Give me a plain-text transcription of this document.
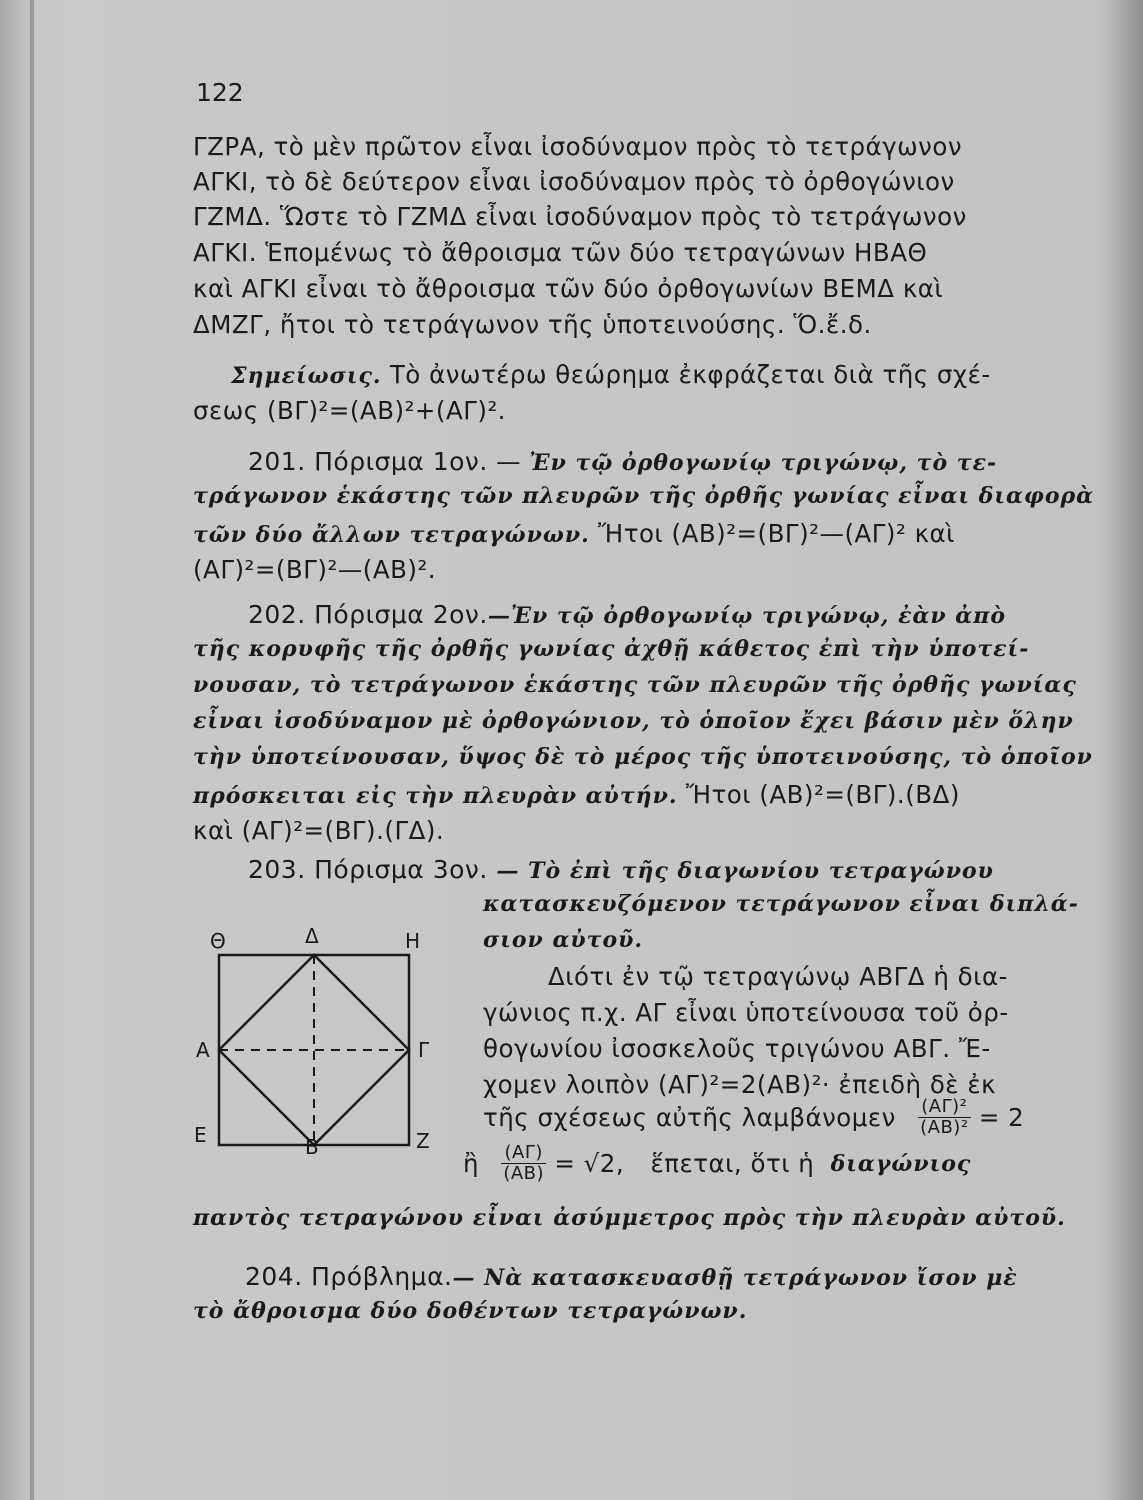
122
ΓΖΡΑ, τὸ μὲν πρῶτον εἶναι ἰσοδύναμον πρὸς τὸ τετράγωνον
ΑΓΚΙ, τὸ δὲ δεύτερον εἶναι ἰσοδύναμον πρὸς τὸ ὀρθογώνιον
ΓΖΜΔ. Ὥστε τὸ ΓΖΜΔ εἶναι ἰσοδύναμον πρὸς τὸ τετράγωνον
ΑΓΚΙ. Ἑπομένως τὸ ἄθροισμα τῶν δύο τετραγώνων ΗΒΑΘ
καὶ ΑΓΚΙ εἶναι τὸ ἄθροισμα τῶν δύο ὀρθογωνίων ΒΕΜΔ καὶ
ΔΜΖΓ, ἤτοι τὸ τετράγωνον τῆς ὑποτεινούσης. Ὅ.ἔ.δ.
Σημείωσις. Τὸ ἀνωτέρω θεώρημα ἐκφράζεται διὰ τῆς σχέ-
σεως (ΒΓ)²=(ΑΒ)²+(ΑΓ)².
201. Πόρισμα 1ον. — Ἐν τῷ ὀρθογωνίῳ τριγώνῳ, τὸ τε-
τράγωνον ἑκάστης τῶν πλευρῶν τῆς ὀρθῆς γωνίας εἶναι διαφορὰ
τῶν δύο ἄλλων τετραγώνων. Ἤτοι (ΑΒ)²=(ΒΓ)²—(ΑΓ)² καὶ
(ΑΓ)²=(ΒΓ)²—(ΑΒ)².
202. Πόρισμα 2ον.—Ἐν τῷ ὀρθογωνίῳ τριγώνῳ, ἐὰν ἀπὸ
τῆς κορυφῆς τῆς ὀρθῆς γωνίας ἀχθῇ κάθετος ἐπὶ τὴν ὑποτεί-
νουσαν, τὸ τετράγωνον ἑκάστης τῶν πλευρῶν τῆς ὀρθῆς γωνίας
εἶναι ἰσοδύναμον μὲ ὀρθογώνιον, τὸ ὁποῖον ἔχει βάσιν μὲν ὅλην
τὴν ὑποτείνουσαν, ὕψος δὲ τὸ μέρος τῆς ὑποτεινούσης, τὸ ὁποῖον
πρόσκειται εἰς τὴν πλευρὰν αὐτήν. Ἤτοι (ΑΒ)²=(ΒΓ).(ΒΔ)
καὶ (ΑΓ)²=(ΒΓ).(ΓΔ).
203. Πόρισμα 3ον. — Τὸ ἐπὶ τῆς διαγωνίου τετραγώνου
κατασκευζόμενον τετράγωνον εἶναι διπλά-
σιον αὐτοῦ.
Διότι ἐν τῷ τετραγώνῳ ΑΒΓΔ ἡ δια-
γώνιος π.χ. ΑΓ εἶναι ὑποτείνουσα τοῦ ὀρ-
θογωνίου ἰσοσκελοῦς τριγώνου ΑΒΓ. Ἔ-
χομεν λοιπὸν (ΑΓ)²=2(ΑΒ)²· ἐπειδὴ δὲ ἐκ
τῆς σχέσεως αὐτῆς λαμβάνομεν $\frac{\text{(ΑΓ)²}}{\text{(ΑΒ)²}} = 2$
ἢ $\frac{(A\Gamma)}{(AB)} = √2$, ἕπεται, ὅτι ἡ διαγώνιος
παντὸς τετραγώνου εἶναι ἀσύμμετρος πρὸς τὴν πλευρὰν αὐτοῦ.
Θ	Δ	Η
Α	Γ
Ε	Β	Ζ
204. Πρόβλημα.— Νὰ κατασκευασθῇ τετράγωνον ἴσον μὲ
τὸ ἄθροισμα δύο δοθέντων τετραγώνων.
